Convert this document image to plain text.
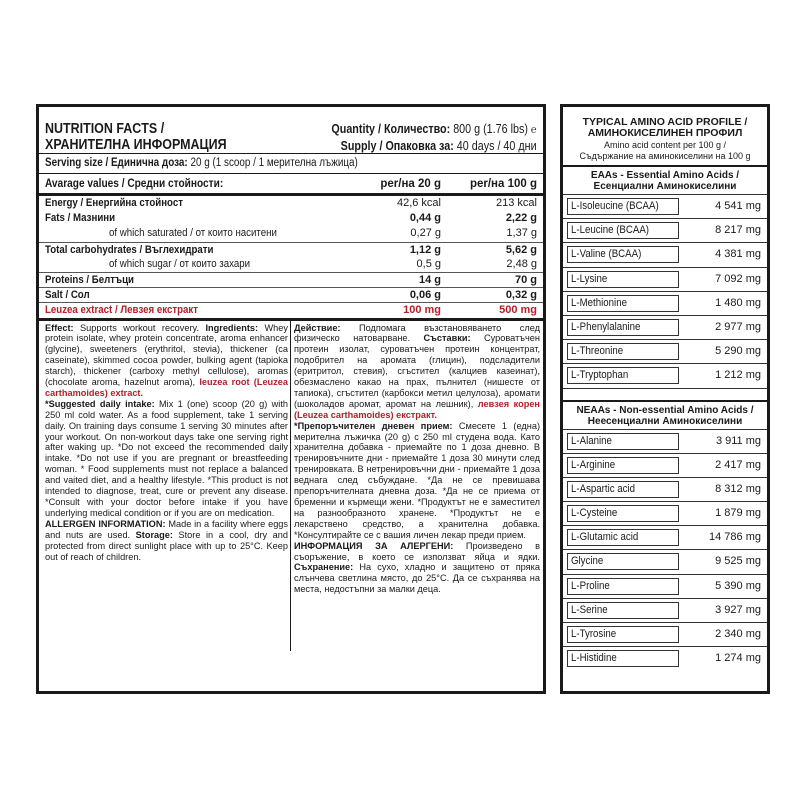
NUTRITION FACTS /
ХРАНИТЕЛНА ИНФОРМАЦИЯ
Quantity / Количество: 800 g (1.76 lbs) ℮
Supply / Опаковка за: 40 days / 40 дни
Serving size / Единична доза: 20 g (1 scoop / 1 мерителна лъжица)
Avarage values / Средни стойности:	per/на 20 g	per/на 100 g
Energy / Енергийна стойност	42,6 kcal	213 kcal
Fats / Мазнини	0,44 g	2,22 g
of which saturated / от които наситени	0,27 g	1,37 g
Total carbohydrates / Въглехидрати	1,12 g	5,62 g
of which sugar / от които захари	0,5 g	2,48 g
Proteins / Белтъци	14 g	70 g
Salt / Сол	0,06 g	0,32 g
Leuzea extract / Левзея екстракт	100 mg	500 mg

Effect: Supports workout recovery. Ingredients: Whey protein isolate, whey protein concentrate, aroma enhancer (glycine), sweeteners (erythritol, stevia), thickener (ca caseinate), skimmed cocoa powder, bulking agent (tapioka starch), thickener (carboxy methyl cellulose), aromas (chocolate aroma, hazelnut aroma), leuzea root (Leuzea carthamoides) extract.

*Suggested daily intake: Mix 1 (one) scoop (20 g) with 250 ml cold water. As a food supplement, take 1 serving daily. On training days consume 1 serving 30 minutes after your workout. On non-workout days take one serving right after waking up. *Do not exceed the recommended daily intake. *Do not use if you are pregnant or breastfeeding woman. * Food supplements must not replace a balanced and vaited diet, and a healthy lifestyle. *This product is not intended to diagnose, treat, cure or prevent any disease. *Consult with your doctor before intake if you have underlying medical condition or if you are on medication.

ALLERGEN INFORMATION: Made in a facility where eggs and nuts are used. Storage: Store in a cool, dry and protected from direct sunlight place with up to 25°C. Keep out of reach of children.

Действие: Подпомага възстановяването след физическо натоварване. Съставки: Суроватъчен протеин изолат, суроватъчен протеин концентрат, подобрител на аромата (глицин), подсладители (еритритол, стевия), сгъстител (калциев казеинат), обезмаслено какао на прах, пълнител (нишесте от тапиока), сгъстител (карбокси метил целулоза), аромати (шоколадов аромат, аромат на лешник), левзея корен (Leuzea carthamoides) екстракт.

*Препоръчителен дневен прием: Смесете 1 (една) мерителна лъжичка (20 g) с 250 ml студена вода. Като хранителна добавка - приемайте по 1 доза дневно. В тренировъчните дни - приемайте 1 доза 30 минути след тренировката. В нетренировъчни дни - приемайте 1 доза веднага след събуждане. *Да не се превишава препоръчителната дневна доза. *Да не се приема от бременни и кърмещи жени. *Продуктът не е заместител на разнообразното хранене. *Продуктът не е лекарствено средство, а хранителна добавка. *Консултирайте се с вашия личен лекар преди прием.

ИНФОРМАЦИЯ ЗА АЛЕРГЕНИ: Произведено в съоръжение, в което се използват яйца и ядки. Съхранение: На сухо, хладно и защитено от пряка слънчева светлина място, до 25°C. Да се съхранява на места, недостъпни за малки деца.

TYPICAL AMINO ACID PROFILE /
АМИНОКИСЕЛИНЕН ПРОФИЛ
Amino acid content per 100 g /
Съдържание на аминокиселини на 100 g
EAAs - Essential Amino Acids / Есенциални Аминокиселини
L-Isoleucine (BCAA)	4 541 mg
L-Leucine (BCAA)	8 217 mg
L-Valine (BCAA)	4 381 mg
L-Lysine	7 092 mg
L-Methionine	1 480 mg
L-Phenylalanine	2 977 mg
L-Threonine	5 290 mg
L-Tryptophan	1 212 mg
NEAAs - Non-essential Amino Acids / Неесенциални Аминокиселини
L-Alanine	3 911 mg
L-Arginine	2 417 mg
L-Aspartic acid	8 312 mg
L-Cysteine	1 879 mg
L-Glutamic acid	14 786 mg
Glycine	9 525 mg
L-Proline	5 390 mg
L-Serine	3 927 mg
L-Tyrosine	2 340 mg
L-Histidine	1 274 mg
